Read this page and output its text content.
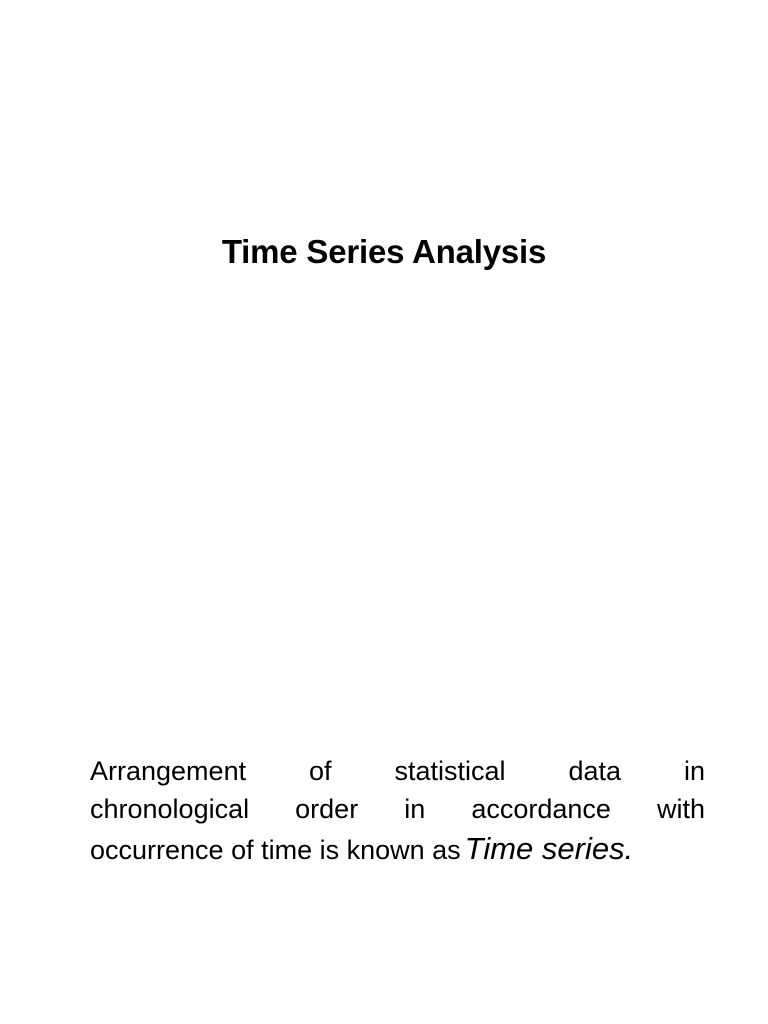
Time Series Analysis
Arrangement of statistical data in
chronological order in accordance with
occurrence of time is known as Time series.
